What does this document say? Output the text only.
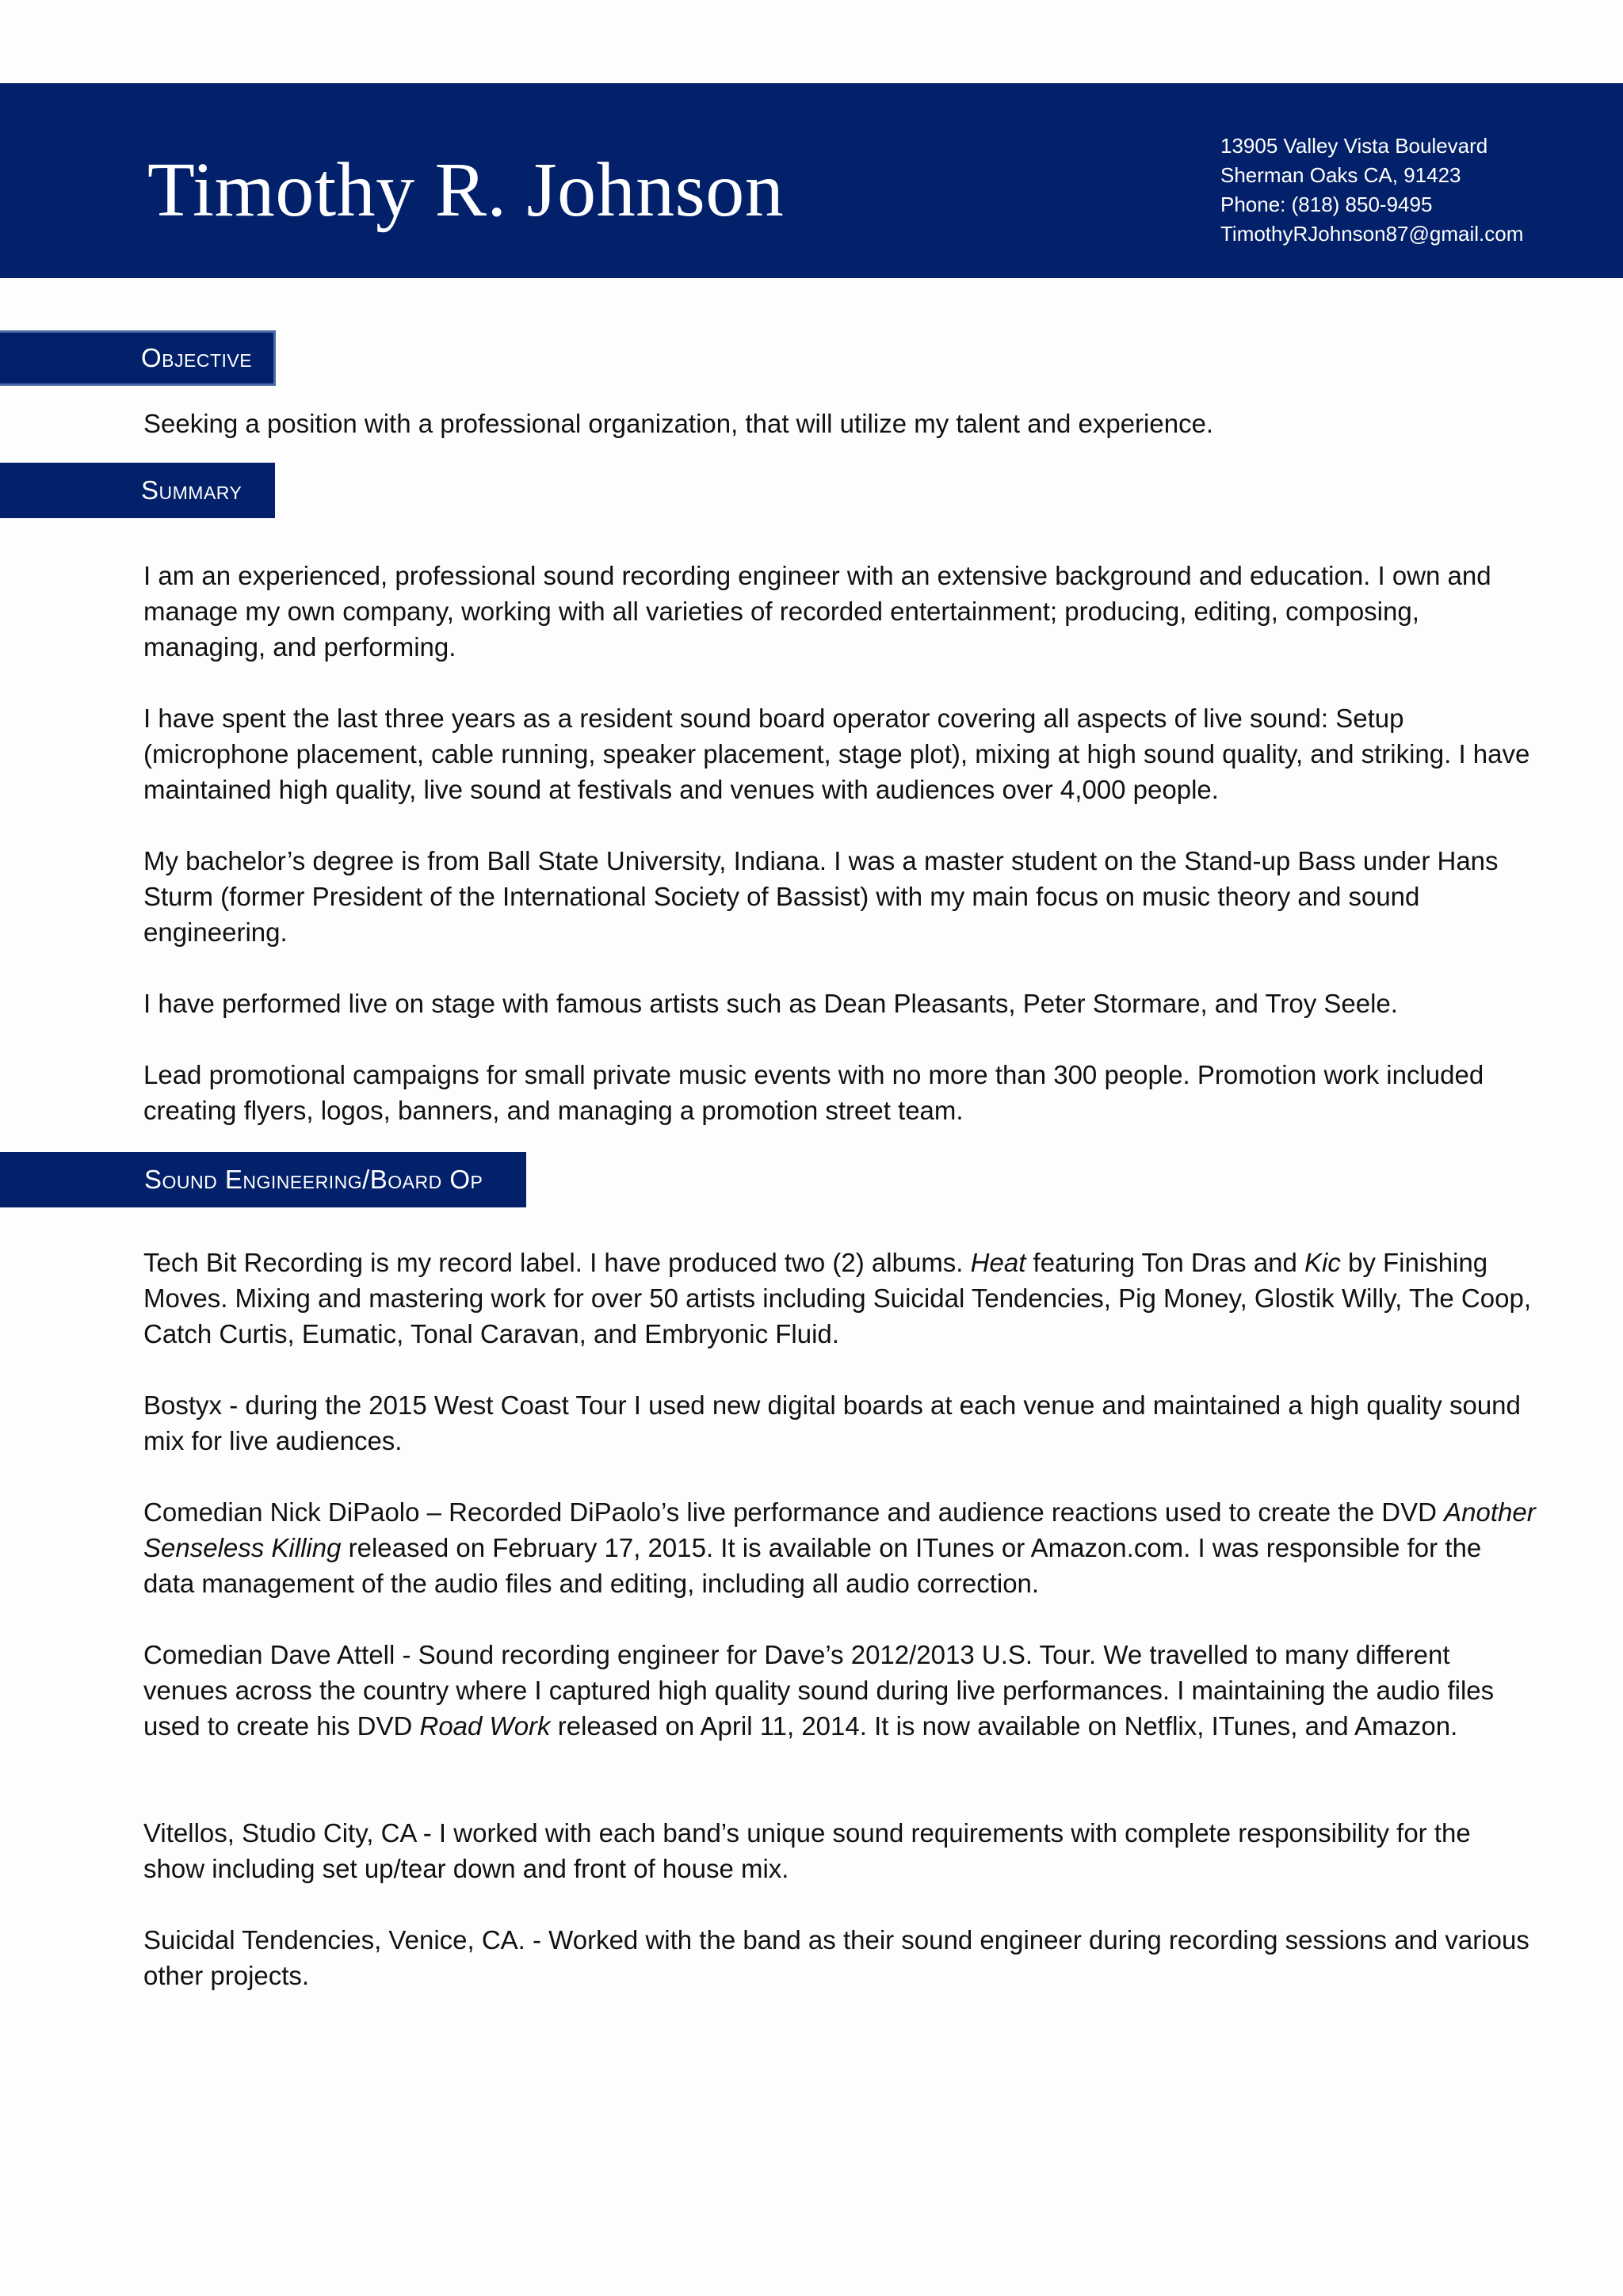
Timothy R. Johnson
13905 Valley Vista Boulevard
Sherman Oaks CA, 91423
Phone: (818) 850-9495
TimothyRJohnson87@gmail.com
Objective

Seeking a position with a professional organization, that will utilize my talent and experience.

Summary

I am an experienced, professional sound recording engineer with an extensive background and education. I own and manage my own company, working with all varieties of recorded entertainment; producing, editing, composing, managing, and performing.

I have spent the last three years as a resident sound board operator covering all aspects of live sound: Setup (microphone placement, cable running, speaker placement, stage plot), mixing at high sound quality, and striking. I have maintained high quality, live sound at festivals and venues with audiences over 4,000 people.

My bachelor’s degree is from Ball State University, Indiana. I was a master student on the Stand-up Bass under Hans Sturm (former President of the International Society of Bassist) with my main focus on music theory and sound engineering.

I have performed live on stage with famous artists such as Dean Pleasants, Peter Stormare, and Troy Seele.

Lead promotional campaigns for small private music events with no more than 300 people. Promotion work included creating flyers, logos, banners, and managing a promotion street team.

Sound Engineering/Board Op

Tech Bit Recording is my record label. I have produced two (2) albums. Heat featuring Ton Dras and Kic by Finishing Moves. Mixing and mastering work for over 50 artists including Suicidal Tendencies, Pig Money, Glostik Willy, The Coop, Catch Curtis, Eumatic, Tonal Caravan, and Embryonic Fluid.

Bostyx - during the 2015 West Coast Tour I used new digital boards at each venue and maintained a high quality sound mix for live audiences.

Comedian Nick DiPaolo – Recorded DiPaolo’s live performance and audience reactions used to create the DVD Another Senseless Killing released on February 17, 2015. It is available on ITunes or Amazon.com. I was responsible for the data management of the audio files and editing, including all audio correction.

Comedian Dave Attell - Sound recording engineer for Dave’s 2012/2013 U.S. Tour. We travelled to many different venues across the country where I captured high quality sound during live performances. I maintaining the audio files used to create his DVD Road Work released on April 11, 2014. It is now available on Netflix, ITunes, and Amazon.

Vitellos, Studio City, CA - I worked with each band’s unique sound requirements with complete responsibility for the show including set up/tear down and front of house mix.

Suicidal Tendencies, Venice, CA. - Worked with the band as their sound engineer during recording sessions and various other projects.
